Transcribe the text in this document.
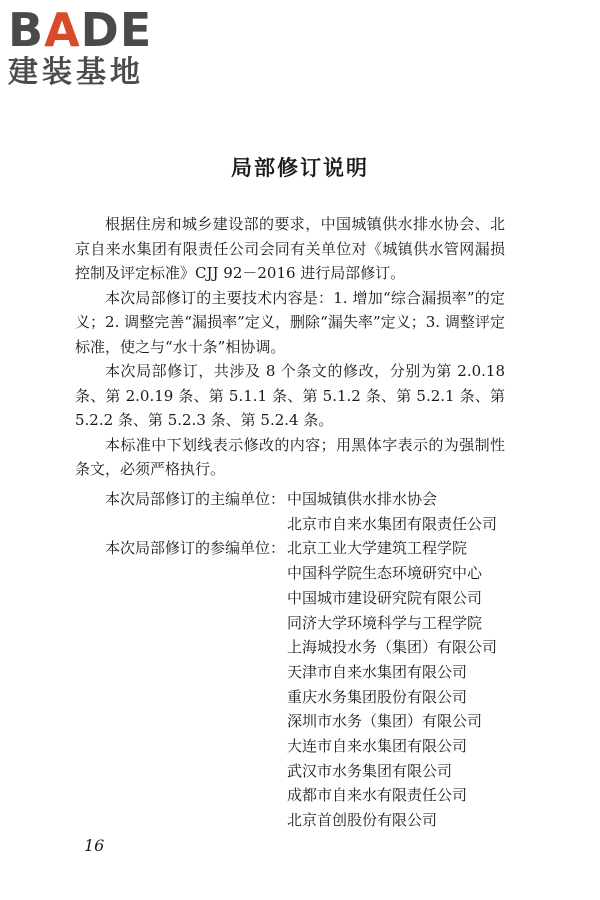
BADE
建装基地
局部修订说明

根据住房和城乡建设部的要求，中国城镇供水排水协会、北京自来水集团有限责任公司会同有关单位对《城镇供水管网漏损控制及评定标准》CJJ 92－2016 进行局部修订。

本次局部修订的主要技术内容是：1. 增加“综合漏损率”的定义；2. 调整完善“漏损率”定义，删除“漏失率”定义；3. 调整评定标准，使之与“水十条”相协调。

本次局部修订，共涉及 8 个条文的修改，分别为第 2.0.18 条、第 2.0.19 条、第 5.1.1 条、第 5.1.2 条、第 5.2.1 条、第 5.2.2 条、第 5.2.3 条、第 5.2.4 条。

本标准中下划线表示修改的内容；用黑体字表示的为强制性条文，必须严格执行。

本次局部修订的主编单位： 中国城镇供水排水协会
北京市自来水集团有限责任公司
本次局部修订的参编单位： 北京工业大学建筑工程学院
中国科学院生态环境研究中心
中国城市建设研究院有限公司
同济大学环境科学与工程学院
上海城投水务（集团）有限公司
天津市自来水集团有限公司
重庆水务集团股份有限公司
深圳市水务（集团）有限公司
大连市自来水集团有限公司
武汉市水务集团有限公司
成都市自来水有限责任公司
北京首创股份有限公司
16
